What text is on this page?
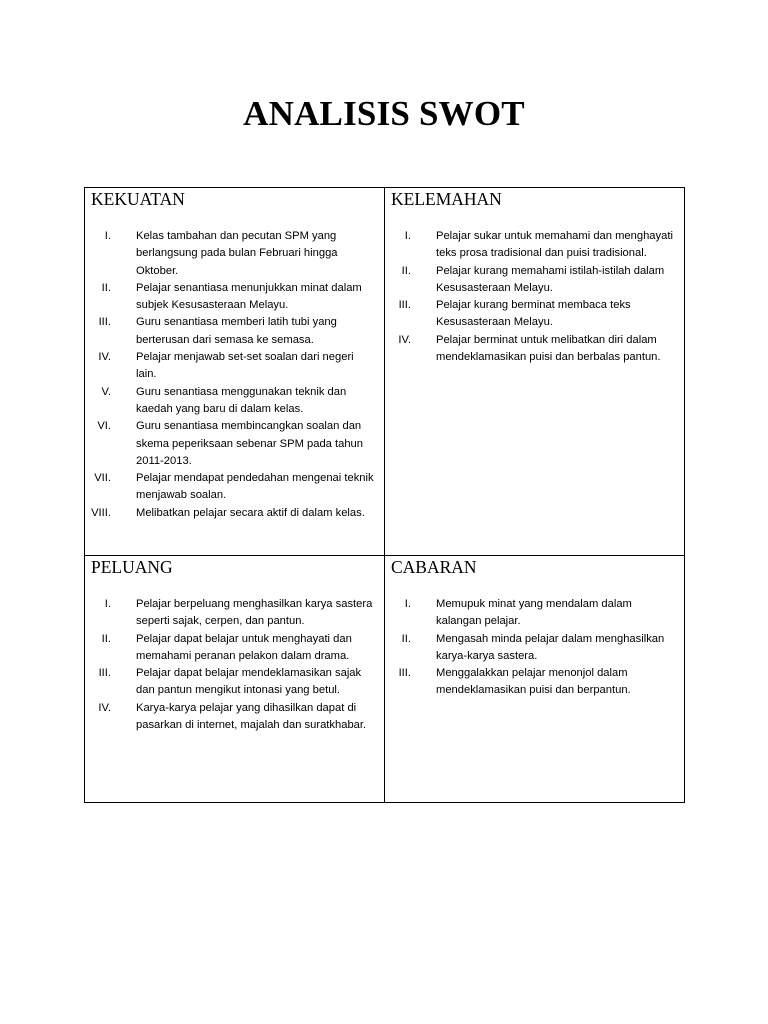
ANALISIS SWOT
KEKUATAN
I. Kelas tambahan dan pecutan SPM yang berlangsung pada bulan Februari hingga Oktober.
II. Pelajar senantiasa menunjukkan minat dalam subjek Kesusasteraan Melayu.
III. Guru senantiasa memberi latih tubi yang berterusan dari semasa ke semasa.
IV. Pelajar menjawab set-set soalan dari negeri lain.
V. Guru senantiasa menggunakan teknik dan kaedah yang baru di dalam kelas.
VI. Guru senantiasa membincangkan soalan dan skema peperiksaan sebenar SPM pada tahun 2011-2013.
VII. Pelajar mendapat pendedahan mengenai teknik menjawab soalan.
VIII. Melibatkan pelajar secara aktif di dalam kelas.
KELEMAHAN
I. Pelajar sukar untuk memahami dan menghayati teks prosa tradisional dan puisi tradisional.
II. Pelajar kurang memahami istilah-istilah dalam Kesusasteraan Melayu.
III. Pelajar kurang berminat membaca teks Kesusasteraan Melayu.
IV. Pelajar berminat untuk melibatkan diri dalam mendeklamasikan puisi dan berbalas pantun.
PELUANG
I. Pelajar berpeluang menghasilkan karya sastera seperti sajak, cerpen, dan pantun.
II. Pelajar dapat belajar untuk menghayati dan memahami peranan pelakon dalam drama.
III. Pelajar dapat belajar mendeklamasikan sajak dan pantun mengikut intonasi yang betul.
IV. Karya-karya pelajar yang dihasilkan dapat di pasarkan di internet, majalah dan suratkhabar.
CABARAN
I. Memupuk minat yang mendalam dalam kalangan pelajar.
II. Mengasah minda pelajar dalam menghasilkan karya-karya sastera.
III. Menggalakkan pelajar menonjol dalam mendeklamasikan puisi dan berpantun.
